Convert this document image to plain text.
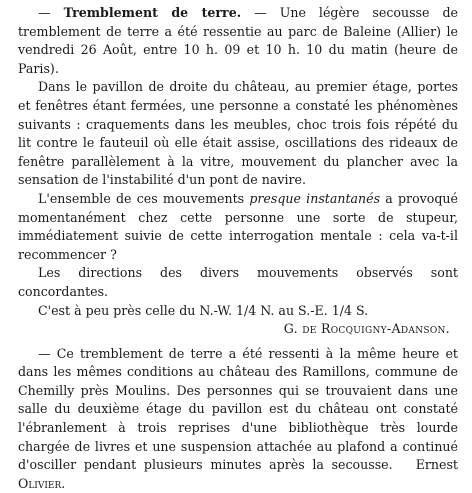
— Tremblement de terre. — Une légère secousse de tremblement de terre a été ressentie au parc de Baleine (Allier) le vendredi 26 Août, entre 10 h. 09 et 10 h. 10 du matin (heure de Paris).

Dans le pavillon de droite du château, au premier étage, portes et fenêtres étant fermées, une personne a constaté les phénomènes suivants : craquements dans les meubles, choc trois fois répété du lit contre le fauteuil où elle était assise, oscillations des rideaux de fenêtre parallèlement à la vitre, mouvement du plancher avec la sensation de l'instabilité d'un pont de navire.

L'ensemble de ces mouvements presque instantanés a provoqué momentanément chez cette personne une sorte de stupeur, immédiatement suivie de cette interrogation mentale : cela va-t-il recommencer ?

Les directions des divers mouvements observés sont concordantes.

C'est à peu près celle du N.-W. 1/4 N. au S.-E. 1/4 S.

G. de Rocquigny-Adanson.

— Ce tremblement de terre a été ressenti à la même heure et dans les mêmes conditions au château des Ramillons, commune de Chemilly près Moulins. Des personnes qui se trouvaient dans une salle du deuxième étage du pavillon est du château ont constaté l'ébranlement à trois reprises d'une bibliothèque très lourde chargée de livres et une suspension attachée au plafond a continué d'osciller pendant plusieurs minutes après la secousse. Ernest Olivier.
